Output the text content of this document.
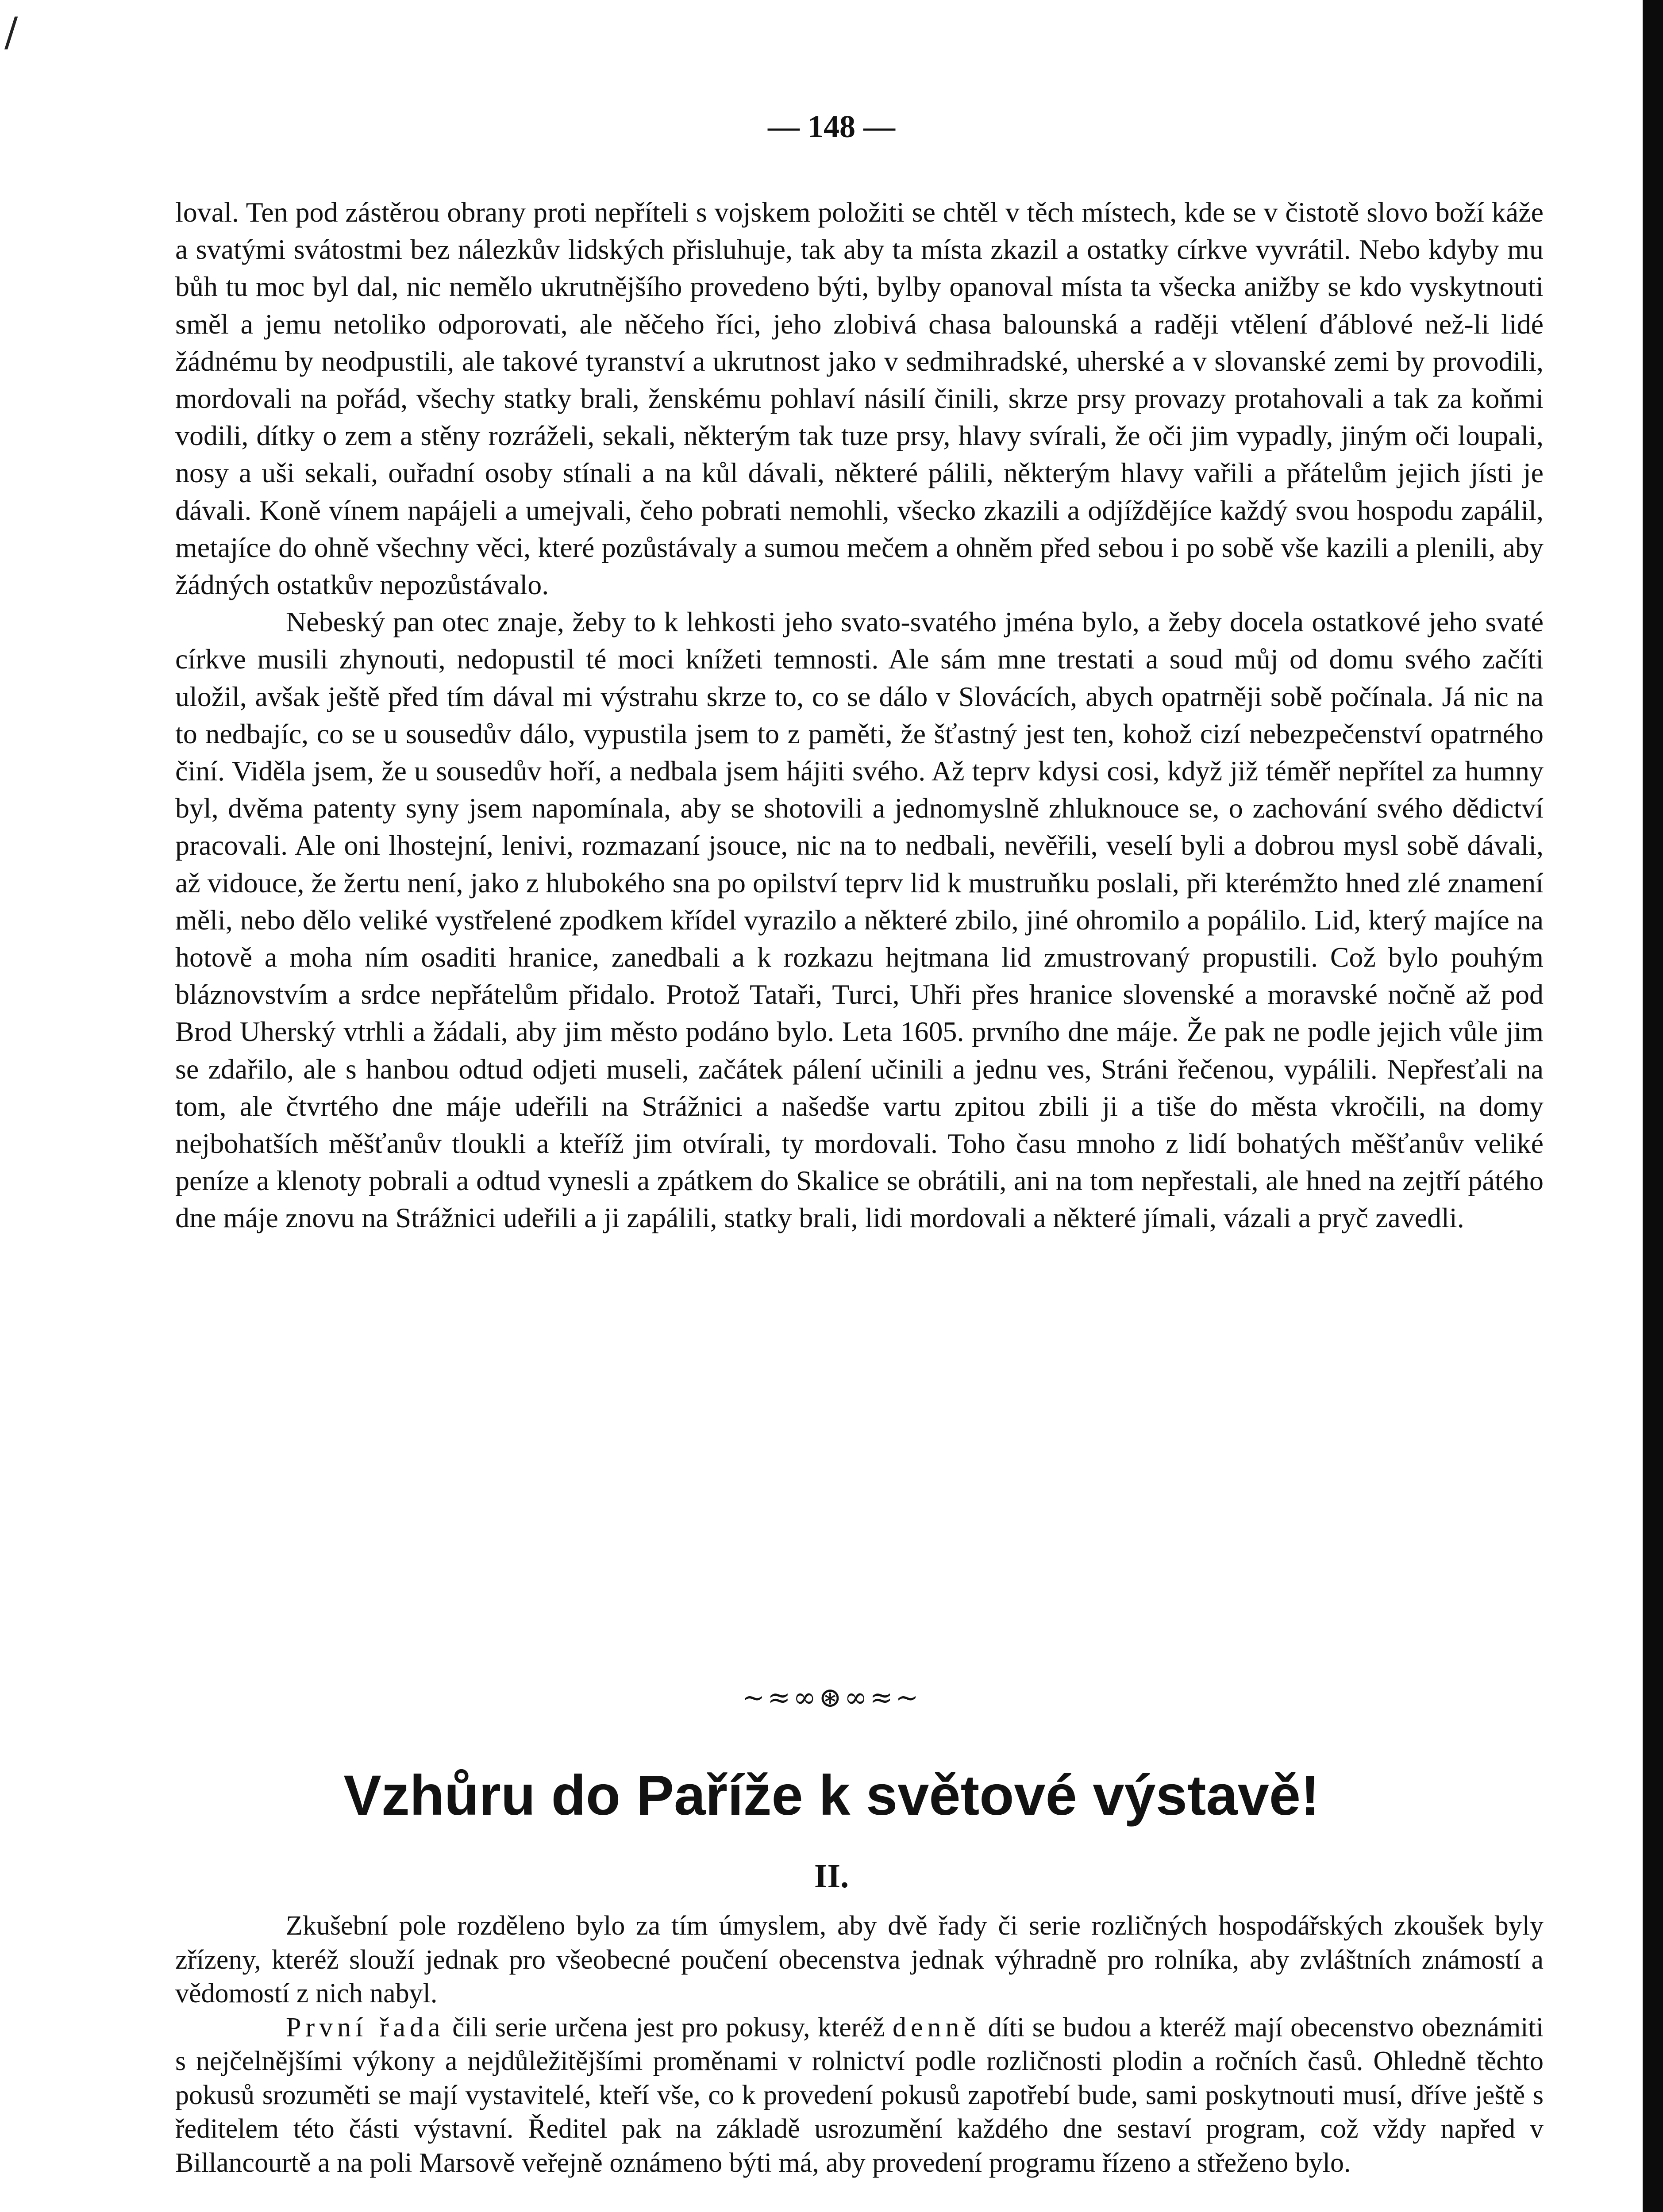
/
— 148 —

loval. Ten pod zástěrou obrany proti nepříteli s vojskem položiti se chtěl v těch místech, kde se v čistotě slovo boží káže a svatými svátostmi bez nálezkův lidských přisluhuje, tak aby ta místa zkazil a ostatky církve vyvrátil. Nebo kdyby mu bůh tu moc byl dal, nic nemělo ukrutnějšího provedeno býti, bylby opanoval místa ta všecka anižby se kdo vyskytnouti směl a jemu netoliko odporovati, ale něčeho říci, jeho zlobivá chasa balounská a raději vtělení ďáblové než-li lidé žádnému by neodpustili, ale takové tyranství a ukrutnost jako v sedmihradské, uherské a v slovanské zemi by provodili, mordovali na pořád, všechy statky brali, ženskému pohlaví násilí činili, skrze prsy provazy protahovali a tak za koňmi vodili, dítky o zem a stěny rozráželi, sekali, některým tak tuze prsy, hlavy svírali, že oči jim vypadly, jiným oči loupali, nosy a uši sekali, ouřadní osoby stínali a na kůl dávali, některé pálili, některým hlavy vařili a přátelům jejich jísti je dávali. Koně vínem napájeli a umejvali, čeho pobrati nemohli, všecko zkazili a odjíždějíce každý svou hospodu zapálil, metajíce do ohně všechny věci, které pozůstávaly a sumou mečem a ohněm před sebou i po sobě vše kazili a plenili, aby žádných ostatkův nepozůstávalo.

Nebeský pan otec znaje, žeby to k lehkosti jeho svato-svatého jména bylo, a žeby docela ostatkové jeho svaté církve musili zhynouti, nedopustil té moci knížeti temnosti. Ale sám mne trestati a soud můj od domu svého začíti uložil, avšak ještě před tím dával mi výstrahu skrze to, co se dálo v Slovácích, abych opatrněji sobě počínala. Já nic na to nedbajíc, co se u sousedův dálo, vypustila jsem to z paměti, že šťastný jest ten, kohož cizí nebezpečenství opatrného činí. Viděla jsem, že u sousedův hoří, a nedbala jsem hájiti svého. Až teprv kdysi cosi, když již téměř nepřítel za humny byl, dvěma patenty syny jsem napomínala, aby se shotovili a jednomyslně zhluknouce se, o zachování svého dědictví pracovali. Ale oni lhostejní, lenivi, rozmazaní jsouce, nic na to nedbali, nevěřili, veselí byli a dobrou mysl sobě dávali, až vidouce, že žertu není, jako z hlubokého sna po opilství teprv lid k mustruňku poslali, při kterémžto hned zlé znamení měli, nebo dělo veliké vystřelené zpodkem křídel vyrazilo a některé zbilo, jiné ohromilo a popálilo. Lid, který majíce na hotově a moha ním osaditi hranice, zanedbali a k rozkazu hejtmana lid zmustrovaný propustili. Což bylo pouhým bláznovstvím a srdce nepřátelům přidalo. Protož Tataři, Turci, Uhři přes hranice slovenské a moravské nočně až pod Brod Uherský vtrhli a žádali, aby jim město podáno bylo. Leta 1605. prvního dne máje. Že pak ne podle jejich vůle jim se zdařilo, ale s hanbou odtud odjeti museli, začátek pálení učinili a jednu ves, Stráni řečenou, vypálili. Nepřesťali na tom, ale čtvrtého dne máje udeřili na Strážnici a našedše vartu zpitou zbili ji a tiše do města vkročili, na domy nejbohatších měšťanův tloukli a kteříž jim otvírali, ty mordovali. Toho času mnoho z lidí bohatých měšťanův veliké peníze a klenoty pobrali a odtud vynesli a zpátkem do Skalice se obrátili, ani na tom nepřestali, ale hned na zejtří pátého dne máje znovu na Strážnici udeřili a ji zapálili, statky brali, lidi mordovali a některé jímali, vázali a pryč zavedli.

~≈∞⊛∞≈~
Vzhůru do Paříže k světové výstavě!
II.

Zkušební pole rozděleno bylo za tím úmyslem, aby dvě řady či serie rozličných hospodářských zkoušek byly zřízeny, kteréž slouží jednak pro všeobecné poučení obecenstva jednak výhradně pro rolníka, aby zvláštních známostí a vědomostí z nich nabyl.

První řada čili serie určena jest pro pokusy, kteréž denně díti se budou a kteréž mají obecenstvo obeznámiti s nejčelnějšími výkony a nejdůležitějšími proměnami v rolnictví podle rozličnosti plodin a ročních časů. Ohledně těchto pokusů srozuměti se mají vystavitelé, kteří vše, co k provedení pokusů zapotřebí bude, sami poskytnouti musí, dříve ještě s ředitelem této části výstavní. Ředitel pak na základě usrozumění každého dne sestaví program, což vždy napřed v Billancourtě a na poli Marsově veřejně oznámeno býti má, aby provedení programu řízeno a střeženo bylo.
